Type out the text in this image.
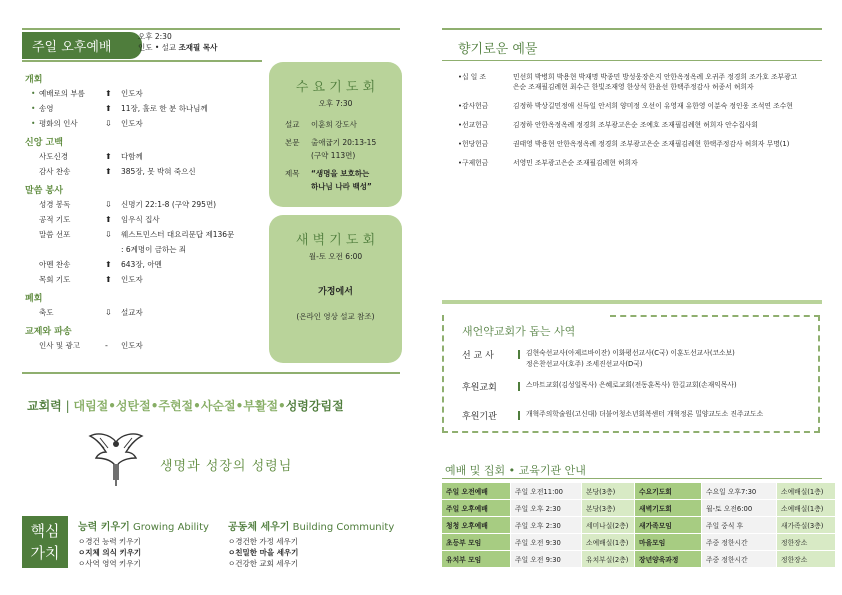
주일 오후예배
오후 2:30
인도 • 설교 조재필 목사
개회
• 예배로의 부름	⬆	인도자
• 송영	⬆	11장, 홀로 한 분 하나님께
• 평화의 인사	⇩	인도자
신앙 고백
사도신경	⬆	다함께
감사 찬송	⬆	385장, 못 박혀 죽으신
말씀 봉사
성경 봉독	⇩	신명기 22:1-8 (구약 295면)
공적 기도	⬆	임우식 집사
말씀 선포	⇩	웨스트민스터 대요리문답 제136문
: 6계명이 금하는 죄
아멘 찬송	⬆	643장, 아멘
목회 기도	⬆	인도자
폐회
축도	⇩	설교자
교제와 파송
인사 및 광고	-	인도자
수 요 기 도 회
오후 7:30
설교	이훈희 강도사
본문	출애굽기 20:13-15
(구약 113면)
제목	“생명을 보호하는
하나님 나라 백성”
새 벽 기 도 회
월-토 오전 6:00
가정에서
(온라인 영상 설교 참조)
교회력 | 대림절•성탄절•주현절•사순절•부활절•성령강림절
생명과 성장의 성령님
핵심
가치
능력 키우기 Growing Ability
ㅇ경건 능력 키우기
ㅇ지체 의식 키우기
ㅇ사역 영역 키우기
공동체 세우기 Building Community
ㅇ경건한 가정 세우기
ㅇ친밀한 마을 세우기
ㅇ건강한 교회 세우기
향기로운 예물
•십 일 조	민선희 박병희 박용현 박재명 박종민 방성웅장은지 안한옥정옥례 오귀주 정경희 조가호 조부광고은순 조재필김례현 최수근 한빛조재영 한상석 한윤선 한택주정감사 허종서 허희자
•감사헌금	김정하 박상길민정애 신득일 안서희 양미정 오선이 유영재 유한영 이분숙 정인웅 조석연 조수현
•선교헌금	김정하 안한옥정옥례 정경희 조부광고은순 조예호 조재필김례현 허희자 안수집사회
•헌당헌금	권태영 박용현 안한옥정옥례 정경희 조부광고은순 조재필김례현 한택주정감사 허희자 무명(1)
•구제헌금	서영민 조부광고은순 조재필김례현 허희자
새언약교회가 돕는 사역
선 교 사	김현숙선교사(아제르바이잔) 이화평선교사(C국) 이훈도선교사(코소보)
정은찬선교사(호주) 조세진선교사(D국)
후원교회	스마트교회(김성일목사) 은혜로교회(전동훈목사) 한길교회(손재익목사)
후원기관	개혁주의학술원(고신대) 더불어청소년회복센터 개혁정론 밀양교도소 진주교도소
예배 및 집회 • 교육기관 안내
주일 오전예배	주일 오전11:00	본당(3층)	수요기도회	수요일 오후7:30	소예배실(1층)
주일 오후예배	주일 오후 2:30	본당(3층)	새벽기도회	월-토 오전6:00	소예배실(1층)
청청 오후예배	주일 오후 2:30	세미나실(2층)	새가족모임	주일 중식 후	새가족실(3층)
초등부 모임	주일 오전 9:30	소예배실(1층)	마을모임	주중 정한시간	정한장소
유치부 모임	주일 오전 9:30	유치부실(2층)	장년양육과정	주중 정한시간	정한장소
